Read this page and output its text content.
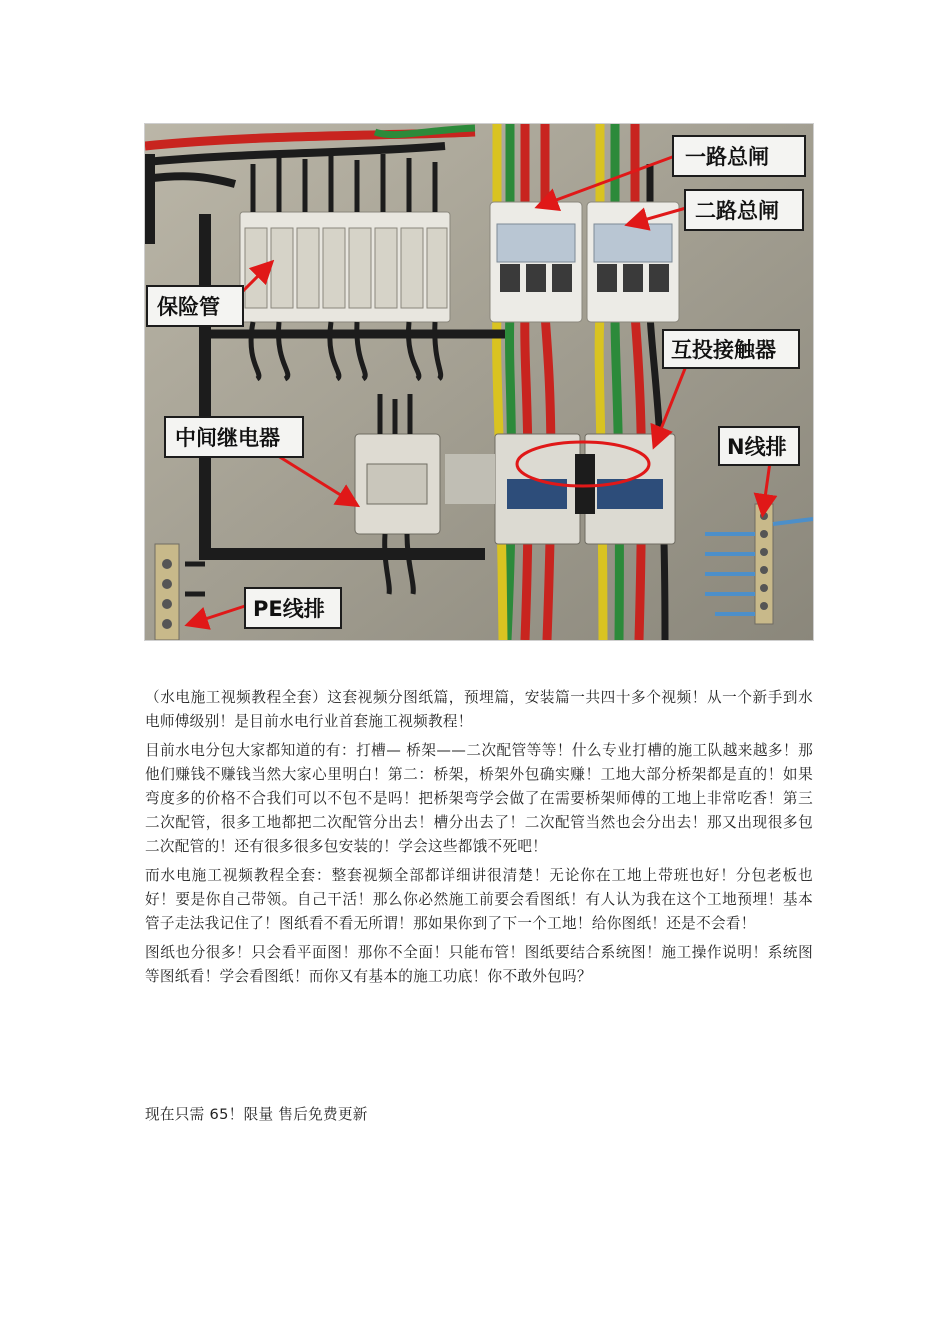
一路总闸
二路总闸
保险管
互投接触器
中间继电器	N线排
PE线排

（水电施工视频教程全套）这套视频分图纸篇，预埋篇，安装篇一共四十多个视频！从一个新手到水电师傅级别！是目前水电行业首套施工视频教程！

目前水电分包大家都知道的有：打槽— 桥架——二次配管等等！什么专业打槽的施工队越来越多！那他们赚钱不赚钱当然大家心里明白！第二：桥架，桥架外包确实赚！工地大部分桥架都是直的！如果弯度多的价格不合我们可以不包不是吗！把桥架弯学会做了在需要桥架师傅的工地上非常吃香！第三二次配管，很多工地都把二次配管分出去！槽分出去了！二次配管当然也会分出去！那又出现很多包二次配管的！还有很多很多包安装的！学会这些都饿不死吧！

而水电施工视频教程全套：整套视频全部都详细讲很清楚！无论你在工地上带班也好！分包老板也好！要是你自己带领。自己干活！那么你必然施工前要会看图纸！有人认为我在这个工地预埋！基本管子走法我记住了！图纸看不看无所谓！那如果你到了下一个工地！给你图纸！还是不会看！

图纸也分很多！只会看平面图！那你不全面！只能布管！图纸要结合系统图！施工操作说明！系统图等图纸看！学会看图纸！而你又有基本的施工功底！你不敢外包吗？

现在只需 65！限量 售后免费更新
